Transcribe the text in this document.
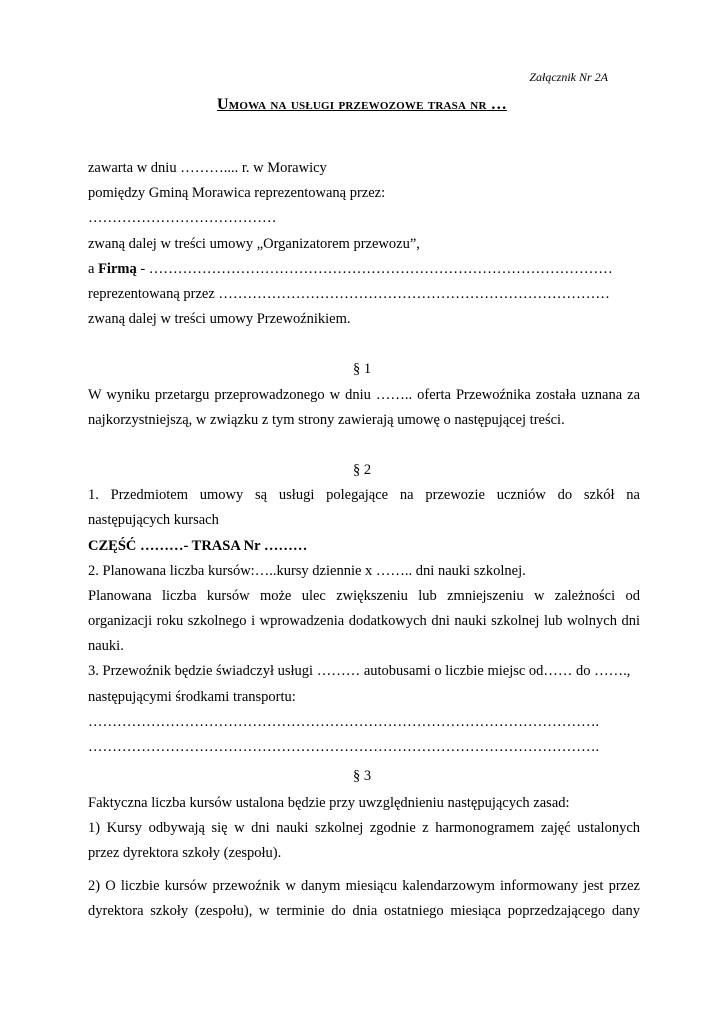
Załącznik Nr 2A
Umowa na usługi przewozowe trasa nr …
zawarta w dniu ……….... r. w Morawicy
pomiędzy Gminą Morawica reprezentowaną przez:
…………………………………
zwaną dalej w treści umowy „Organizatorem przewozu”,
a Firmą - ……………………………………………………………………………………
reprezentowaną przez ………………………………………………………………………
zwaną dalej w treści umowy Przewoźnikiem.
§ 1
W wyniku przetargu przeprowadzonego w dniu …….. oferta Przewoźnika została uznana za
najkorzystniejszą, w związku z tym strony zawierają umowę o następującej treści.
§ 2
1. Przedmiotem umowy są usługi polegające na przewozie uczniów do szkół na
następujących kursach
CZĘŚĆ ………- TRASA Nr ………
2. Planowana liczba kursów:…..kursy dziennie x …….. dni nauki szkolnej.
Planowana liczba kursów może ulec zwiększeniu lub zmniejszeniu w zależności od
organizacji roku szkolnego i wprowadzenia dodatkowych dni nauki szkolnej lub wolnych dni
nauki.
3. Przewoźnik będzie świadczył usługi ……… autobusami o liczbie miejsc od…… do …….,
następującymi środkami transportu:
…………………………………………………………………………………………….
…………………………………………………………………………………………….
§ 3
Faktyczna liczba kursów ustalona będzie przy uwzględnieniu następujących zasad:
1) Kursy odbywają się w dni nauki szkolnej zgodnie z harmonogramem zajęć ustalonych
przez dyrektora szkoły (zespołu).
2) O liczbie kursów przewoźnik w danym miesiącu kalendarzowym informowany jest przez
dyrektora szkoły (zespołu), w terminie do dnia ostatniego miesiąca poprzedzającego dany
